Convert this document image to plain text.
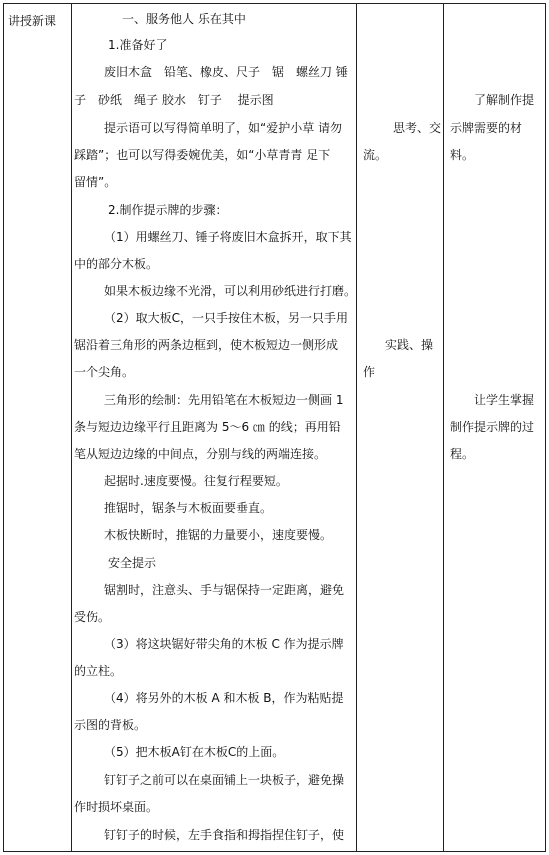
讲授新课	一、服务他人 乐在其中
1.准备好了
废旧木盒　铅笔、橡皮、尺子　锯　螺丝刀 锤
子　砂纸　绳子 胶水　钉子　 提示图
提示语可以写得简单明了，如“爱护小草 请勿
踩踏”；也可以写得委婉优美，如“小草青青 足下
留情”。
2.制作提示牌的步骤：
（1）用螺丝刀、锤子将废旧木盒拆开，取下其
中的部分木板。
如果木板边缘不光滑，可以利用砂纸进行打磨。
（2）取大板C，一只手按住木板，另一只手用
锯沿着三角形的两条边框到，使木板短边一侧形成
一个尖角。
三角形的绘制：先用铅笔在木板短边一侧画 1
条与短边边缘平行且距离为 5～6 ㎝ 的线；再用铅
笔从短边边缘的中间点，分别与线的两端连接。
起据时.速度要慢。往复行程要短。
推锯时，锯条与木板面要垂直。
木板快断时，推锯的力量要小，速度要慢。
安全提示
锯割时，注意头、手与锯保持一定距离，避免
受伤。
（3）将这块锯好带尖角的木板 C 作为提示牌
的立柱。
（4）将另外的木板 A 和木板 B，作为粘贴提
示图的背板。
（5）把木板A钉在木板C的上面。
钉钉子之前可以在桌面铺上一块板子，避免操
作时损坏桌面。
钉钉子的时候，左手食指和拇指捏住钉子，使
思考、交
流。
实践、操
作
了解制作提
示牌需要的材
料。
让学生掌握
制作提示牌的过
程。
